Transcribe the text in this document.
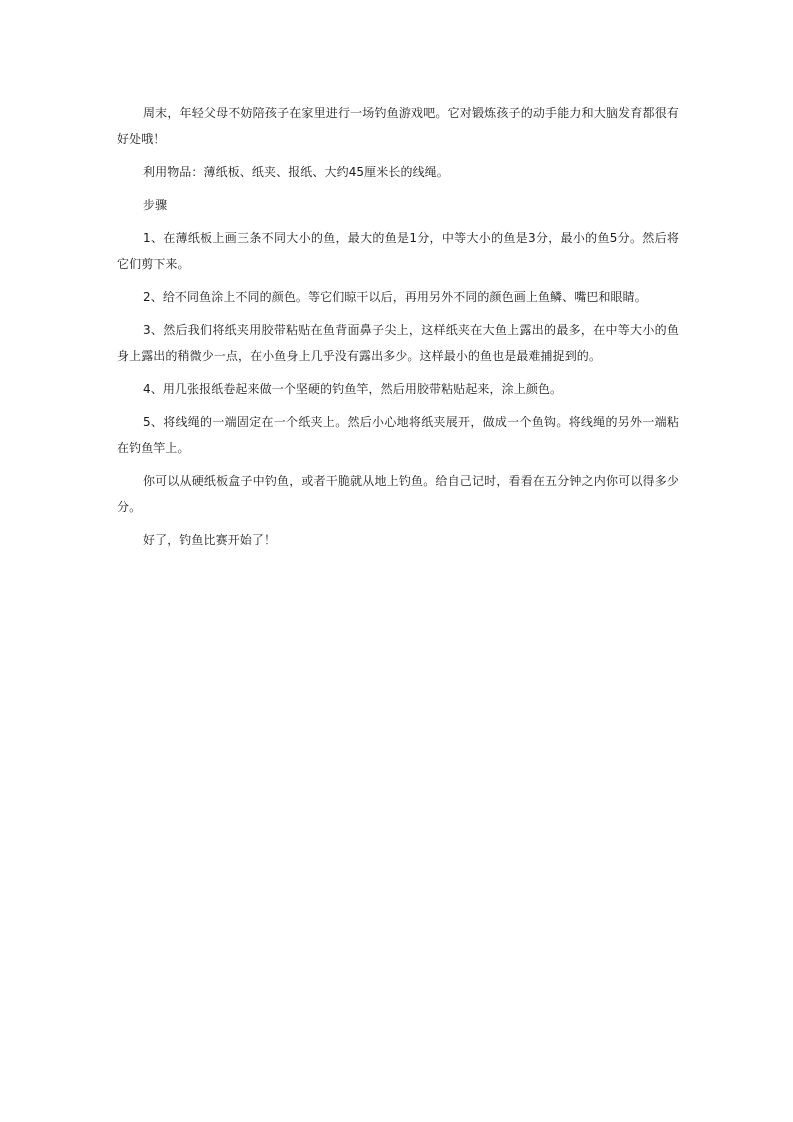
周末，年轻父母不妨陪孩子在家里进行一场钓鱼游戏吧。它对锻炼孩子的动手能力和大脑发育都很有好处哦！

利用物品：薄纸板、纸夹、报纸、大约45厘米长的线绳。

步骤

1、在薄纸板上画三条不同大小的鱼，最大的鱼是1分，中等大小的鱼是3分，最小的鱼5分。然后将它们剪下来。

2、给不同鱼涂上不同的颜色。等它们晾干以后，再用另外不同的颜色画上鱼鳞、嘴巴和眼睛。

3、然后我们将纸夹用胶带粘贴在鱼背面鼻子尖上，这样纸夹在大鱼上露出的最多，在中等大小的鱼身上露出的稍微少一点，在小鱼身上几乎没有露出多少。这样最小的鱼也是最难捕捉到的。

4、用几张报纸卷起来做一个坚硬的钓鱼竿，然后用胶带粘贴起来，涂上颜色。

5、将线绳的一端固定在一个纸夹上。然后小心地将纸夹展开，做成一个鱼钩。将线绳的另外一端粘在钓鱼竿上。

你可以从硬纸板盒子中钓鱼，或者干脆就从地上钓鱼。给自己记时，看看在五分钟之内你可以得多少分。

好了，钓鱼比赛开始了！
